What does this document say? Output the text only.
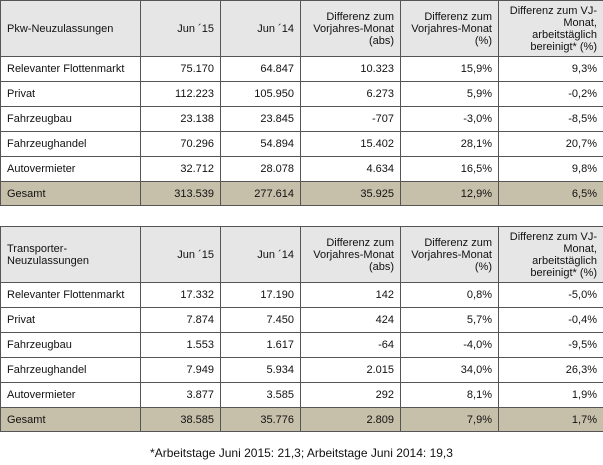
Pkw-Neuzulassungen	Jun ´15	Jun ´14	Differenz zum Vorjahres-Monat (abs)	Differenz zum Vorjahres-Monat (%)	Differenz zum VJ-Monat, arbeitstäglich bereinigt* (%)
Relevanter Flottenmarkt	75.170	64.847	10.323	15,9%	9,3%
Privat	112.223	105.950	6.273	5,9%	-0,2%
Fahrzeugbau	23.138	23.845	-707	-3,0%	-8,5%
Fahrzeughandel	70.296	54.894	15.402	28,1%	20,7%
Autovermieter	32.712	28.078	4.634	16,5%	9,8%
Gesamt	313.539	277.614	35.925	12,9%	6,5%
Transporter-Neuzulassungen	Jun ´15	Jun ´14	Differenz zum Vorjahres-Monat (abs)	Differenz zum Vorjahres-Monat (%)	Differenz zum VJ-Monat, arbeitstäglich bereinigt* (%)
Relevanter Flottenmarkt	17.332	17.190	142	0,8%	-5,0%
Privat	7.874	7.450	424	5,7%	-0,4%
Fahrzeugbau	1.553	1.617	-64	-4,0%	-9,5%
Fahrzeughandel	7.949	5.934	2.015	34,0%	26,3%
Autovermieter	3.877	3.585	292	8,1%	1,9%
Gesamt	38.585	35.776	2.809	7,9%	1,7%
*Arbeitstage Juni 2015: 21,3; Arbeitstage Juni 2014: 19,3
